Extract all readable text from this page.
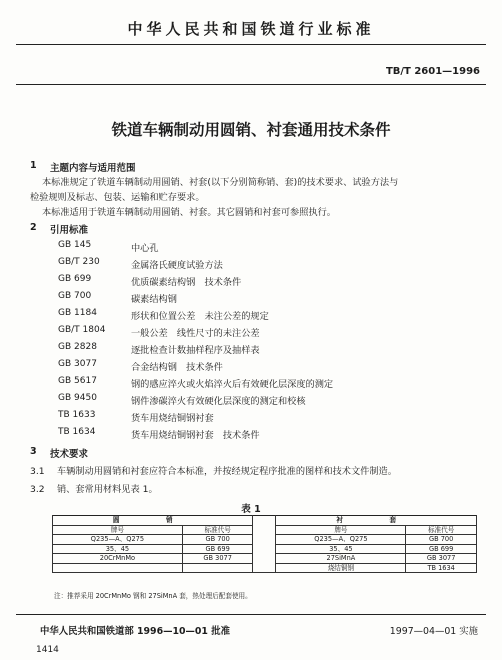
中华人民共和国铁道行业标准
TB/T 2601—1996
铁道车辆制动用圆销、衬套通用技术条件
1 主题内容与适用范围
本标准规定了铁道车辆制动用圆销、衬套(以下分别简称销、套)的技术要求、试验方法与
检验规则及标志、包装、运输和贮存要求。
本标准适用于铁道车辆制动用圆销、衬套。其它圆销和衬套可参照执行。
2 引用标准
GB 145	中心孔
GB/T 230	金属洛氏硬度试验方法
GB 699	优质碳素结构钢　技术条件
GB 700	碳素结构钢
GB 1184	形状和位置公差　未注公差的规定
GB/T 1804	一般公差　线性尺寸的未注公差
GB 2828	逐批检查计数抽样程序及抽样表
GB 3077	合金结构钢　技术条件
GB 5617	钢的感应淬火或火焰淬火后有效硬化层深度的测定
GB 9450	钢件渗碳淬火有效硬化层深度的测定和校核
TB 1633	货车用烧结铜钢衬套
TB 1634	货车用烧结铜钢衬套　技术条件
3 技术要求
3.1 车辆制动用圆销和衬套应符合本标准，并按经规定程序批准的图样和技术文件制造。
3.2 销、套常用材料见表 1。
表 1
圆　销			衬　套	
牌号	标准代号		牌号	标准代号
Q235—A、Q275	GB 700		Q235—A、Q275	GB 700
35、45	GB 699		35、45	GB 699
20CrMnMo	GB 3077		27SiMnA	GB 3077
			烧结铜钢	TB 1634
注：推荐采用 20CrMnMo 钢和 27SiMnA 套，热处理后配套使用。
中华人民共和国铁道部 1996—10—01 批准	1997—04—01 实施
1414
